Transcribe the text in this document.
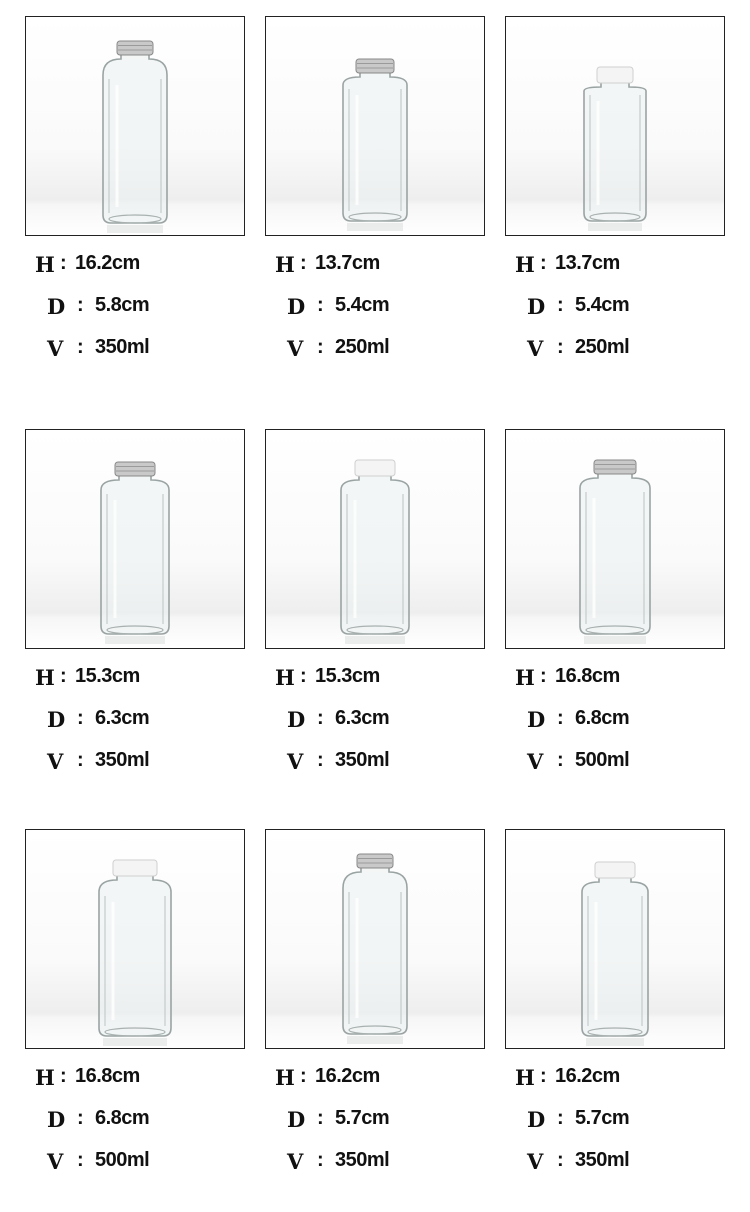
H : 16.2cm
D : 5.8cm
V : 350ml
H : 13.7cm
D : 5.4cm
V : 250ml
H : 13.7cm
D : 5.4cm
V : 250ml
H : 15.3cm
D : 6.3cm
V : 350ml
H : 15.3cm
D : 6.3cm
V : 350ml
H : 16.8cm
D : 6.8cm
V : 500ml
H : 16.8cm
D : 6.8cm
V : 500ml
H : 16.2cm
D : 5.7cm
V : 350ml
H : 16.2cm
D : 5.7cm
V : 350ml
